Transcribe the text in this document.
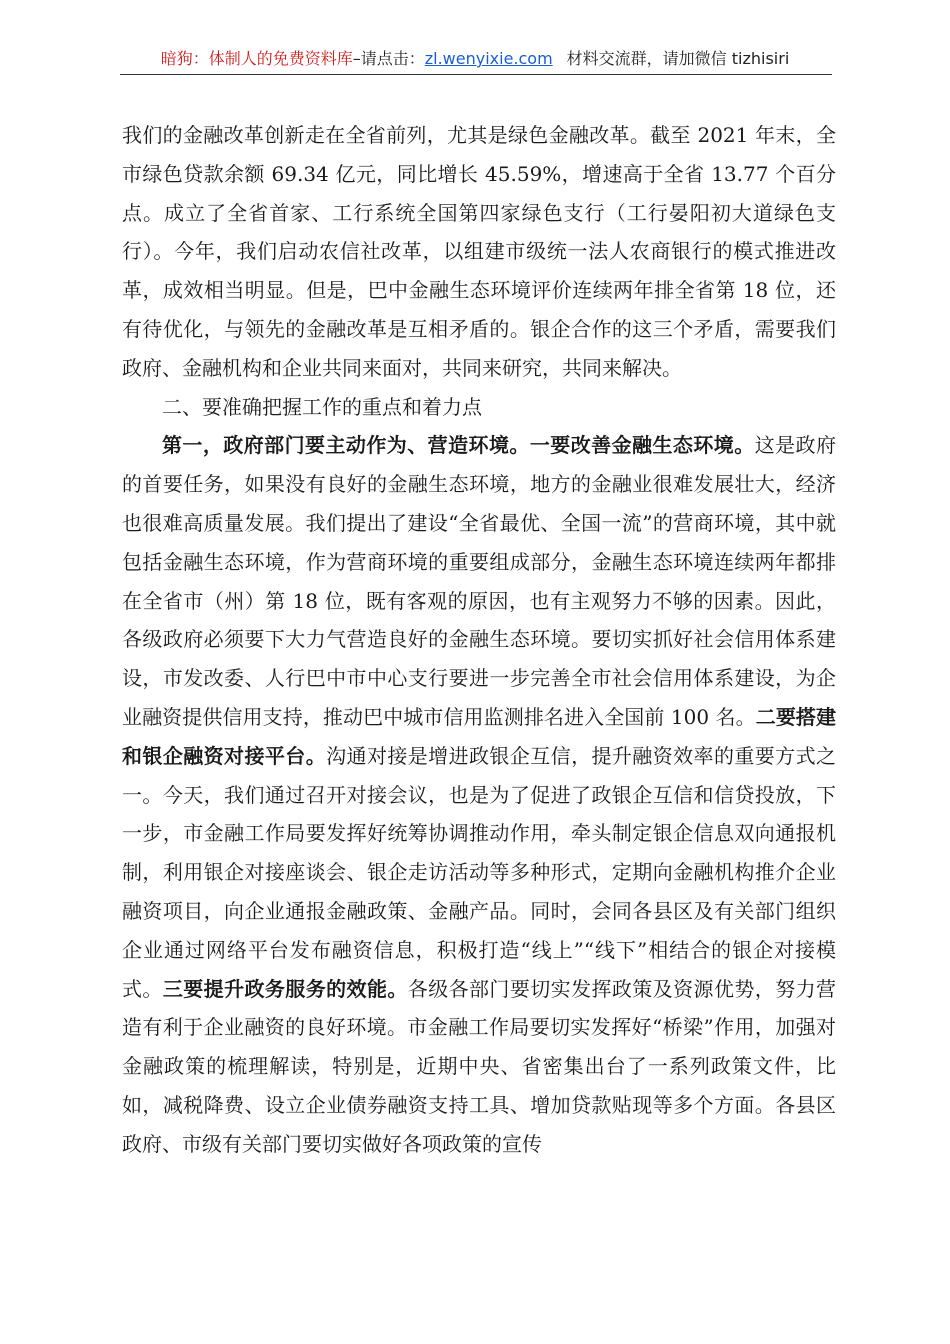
暗狗：体制人的免费资料库–请点击：zl.wenyixie.com 材料交流群，请加微信 tizhisiri

我们的金融改革创新走在全省前列，尤其是绿色金融改革。截至 2021 年末，全市绿色贷款余额 69.34 亿元，同比增长 45.59%，增速高于全省 13.77 个百分点。成立了全省首家、工行系统全国第四家绿色支行（工行晏阳初大道绿色支行）。今年，我们启动农信社改革，以组建市级统一法人农商银行的模式推进改革，成效相当明显。但是，巴中金融生态环境评价连续两年排全省第 18 位，还有待优化，与领先的金融改革是互相矛盾的。银企合作的这三个矛盾，需要我们政府、金融机构和企业共同来面对，共同来研究，共同来解决。

二、要准确把握工作的重点和着力点

第一，政府部门要主动作为、营造环境。一要改善金融生态环境。这是政府的首要任务，如果没有良好的金融生态环境，地方的金融业很难发展壮大，经济也很难高质量发展。我们提出了建设“全省最优、全国一流”的营商环境，其中就包括金融生态环境，作为营商环境的重要组成部分，金融生态环境连续两年都排在全省市（州）第 18 位，既有客观的原因，也有主观努力不够的因素。因此，各级政府必须要下大力气营造良好的金融生态环境。要切实抓好社会信用体系建设，市发改委、人行巴中市中心支行要进一步完善全市社会信用体系建设，为企业融资提供信用支持，推动巴中城市信用监测排名进入全国前 100 名。二要搭建和银企融资对接平台。沟通对接是增进政银企互信，提升融资效率的重要方式之一。今天，我们通过召开对接会议，也是为了促进了政银企互信和信贷投放，下一步，市金融工作局要发挥好统筹协调推动作用，牵头制定银企信息双向通报机制，利用银企对接座谈会、银企走访活动等多种形式，定期向金融机构推介企业融资项目，向企业通报金融政策、金融产品。同时，会同各县区及有关部门组织企业通过网络平台发布融资信息，积极打造“线上”“线下”相结合的银企对接模式。三要提升政务服务的效能。各级各部门要切实发挥政策及资源优势，努力营造有利于企业融资的良好环境。市金融工作局要切实发挥好“桥梁”作用，加强对金融政策的梳理解读，特别是，近期中央、省密集出台了一系列政策文件，比如，减税降费、设立企业债券融资支持工具、增加贷款贴现等多个方面。各县区政府、市级有关部门要切实做好各项政策的宣传
